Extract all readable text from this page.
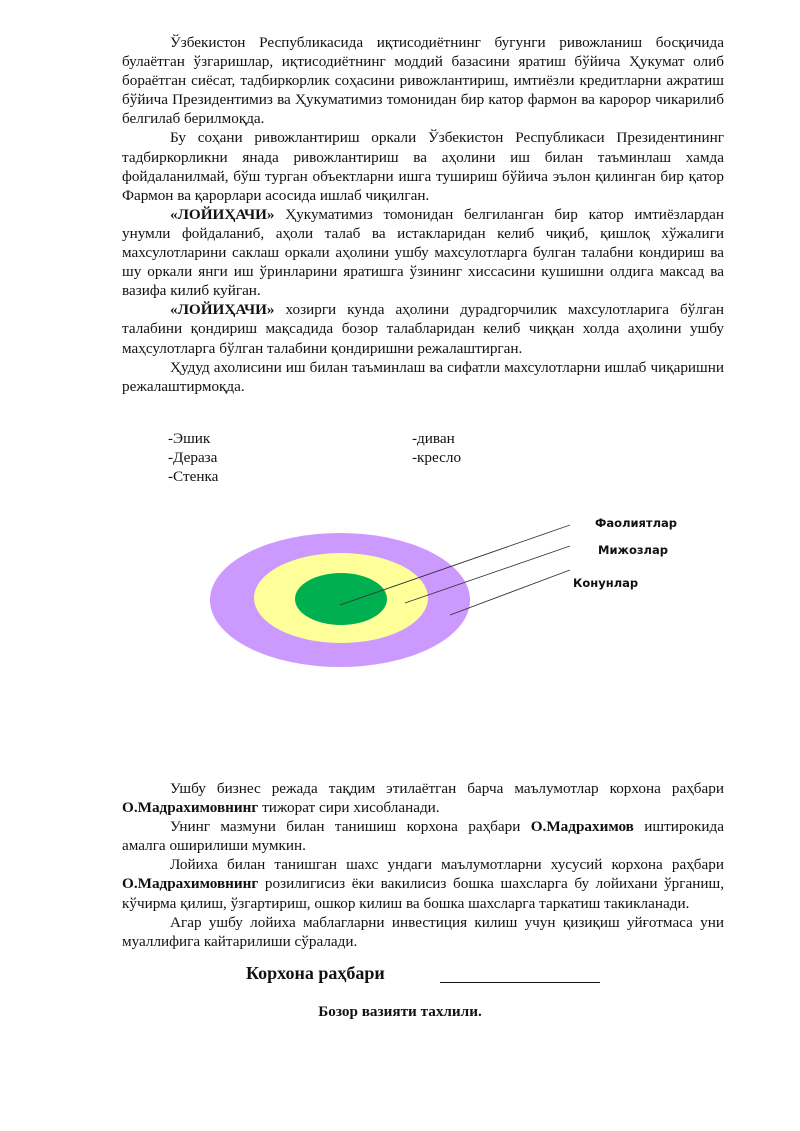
Ўзбекистон Республикасида иқтисодиётнинг бугунги ривожланиш босқичида булаётган ўзгаришлар, иқтисодиётнинг моддий базасини яратиш бўйича Ҳукумат олиб бораётган сиёсат, тадбиркорлик соҳасини ривожлантириш, имтиёзли кредитларни ажратиш бўйича Президентимиз ва Ҳукуматимиз томонидан бир катор фармон ва каророр чикарилиб белгилаб берилмоқда.

Бу соҳани ривожлантириш оркали Ўзбекистон Республикаси Президентининг тадбиркорликни янада ривожлантириш ва аҳолини иш билан таъминлаш хамда фойдаланилмай, бўш турган объектларни ишга тушириш бўйича эълон қилинган бир қатор Фармон ва қарорлари асосида ишлаб чиқилган.

«ЛОЙИҲАЧИ» Ҳукуматимиз томонидан белгиланган бир катор имтиёзлардан унумли фойдаланиб, аҳоли талаб ва истакларидан келиб чиқиб, қишлоқ хўжалиги махсулотларини саклаш оркали аҳолини ушбу махсулотларга булган талабни кондириш ва шу оркали янги иш ўринларини яратишга ўзининг хиссасини кушишни олдига максад ва вазифа килиб куйган.

«ЛОЙИҲАЧИ» хозирги кунда аҳолини дурадгорчилик махсулотларига бўлган талабини қондириш мақсадида бозор талабларидан келиб чиққан холда аҳолини ушбу маҳсулотларга бўлган талабини қондиришни режалаштирган.

Ҳудуд ахолисини иш билан таъминлаш ва сифатли махсулотларни ишлаб чиқаришни режалаштирмоқда.

-Эшик	-диван
-Дераза	-кресло
-Стенка
Фаолиятлар
Мижозлар
Конунлар

Ушбу бизнес режада тақдим этилаётган барча маълумотлар корхона раҳбари О.Мадрахимовнинг тижорат сири хисобланади.

Унинг мазмуни билан танишиш корхона раҳбари О.Мадрахимов иштирокида амалга оширилиши мумкин.

Лойиха билан танишган шахс ундаги маълумотларни хусусий корхона раҳбари О.Мадрахимовнинг розилигисиз ёки вакилисиз бошка шахсларга бу лойихани ўрганиш, кўчирма қилиш, ўзгартириш, ошкор килиш ва бошка шахсларга таркатиш такикланади.

Агар ушбу лойиха маблагларни инвестиция килиш учун қизиқиш уйғотмаса уни муаллифига кайтарилиши сўралади.

Корхона раҳбари
Бозор вазияти тахлили.
